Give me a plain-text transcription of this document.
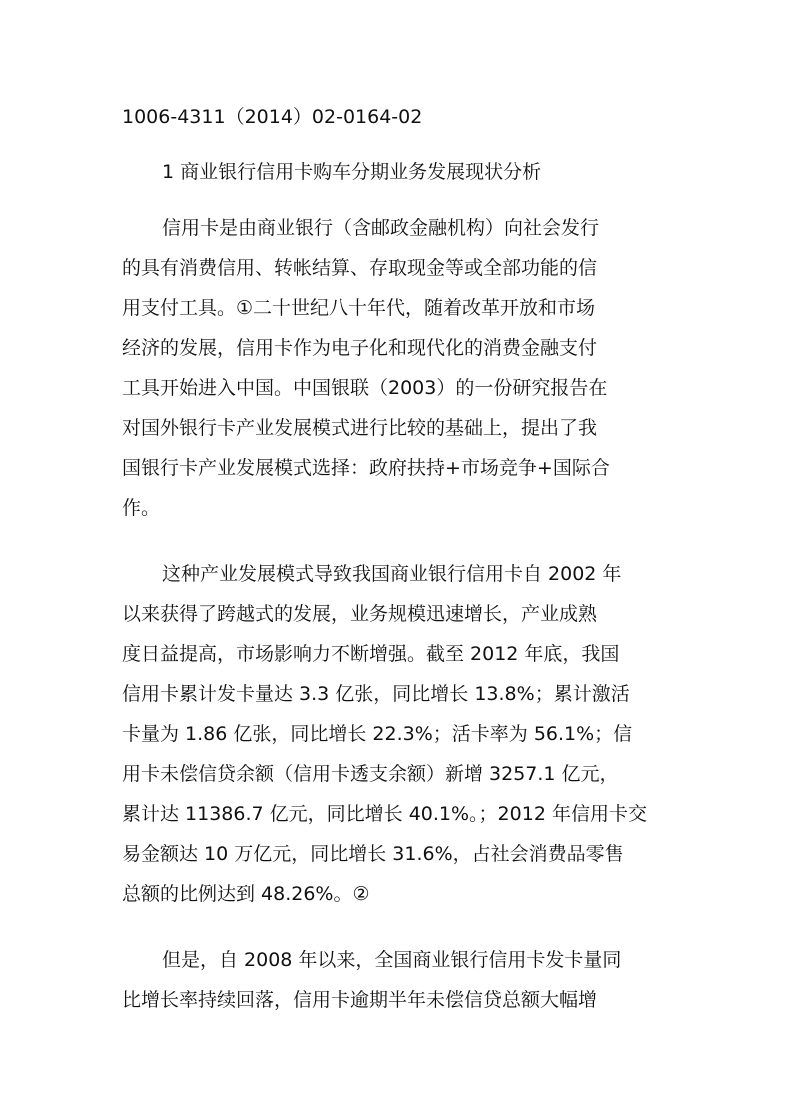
1006-4311（2014）02-0164-02
1 商业银行信用卡购车分期业务发展现状分析
信用卡是由商业银行（含邮政金融机构）向社会发行
的具有消费信用、转帐结算、存取现金等或全部功能的信
用支付工具。①二十世纪八十年代，随着改革开放和市场
经济的发展，信用卡作为电子化和现代化的消费金融支付
工具开始进入中国。中国银联（2003）的一份研究报告在
对国外银行卡产业发展模式进行比较的基础上，提出了我
国银行卡产业发展模式选择：政府扶持+市场竞争+国际合
作。
这种产业发展模式导致我国商业银行信用卡自 2002 年
以来获得了跨越式的发展，业务规模迅速增长，产业成熟
度日益提高，市场影响力不断增强。截至 2012 年底，我国
信用卡累计发卡量达 3.3 亿张，同比增长 13.8%；累计激活
卡量为 1.86 亿张，同比增长 22.3%；活卡率为 56.1%；信
用卡未偿信贷余额（信用卡透支余额）新增 3257.1 亿元，
累计达 11386.7 亿元，同比增长 40.1%。；2012 年信用卡交
易金额达 10 万亿元，同比增长 31.6%，占社会消费品零售
总额的比例达到 48.26%。②
但是，自 2008 年以来，全国商业银行信用卡发卡量同
比增长率持续回落，信用卡逾期半年未偿信贷总额大幅增
